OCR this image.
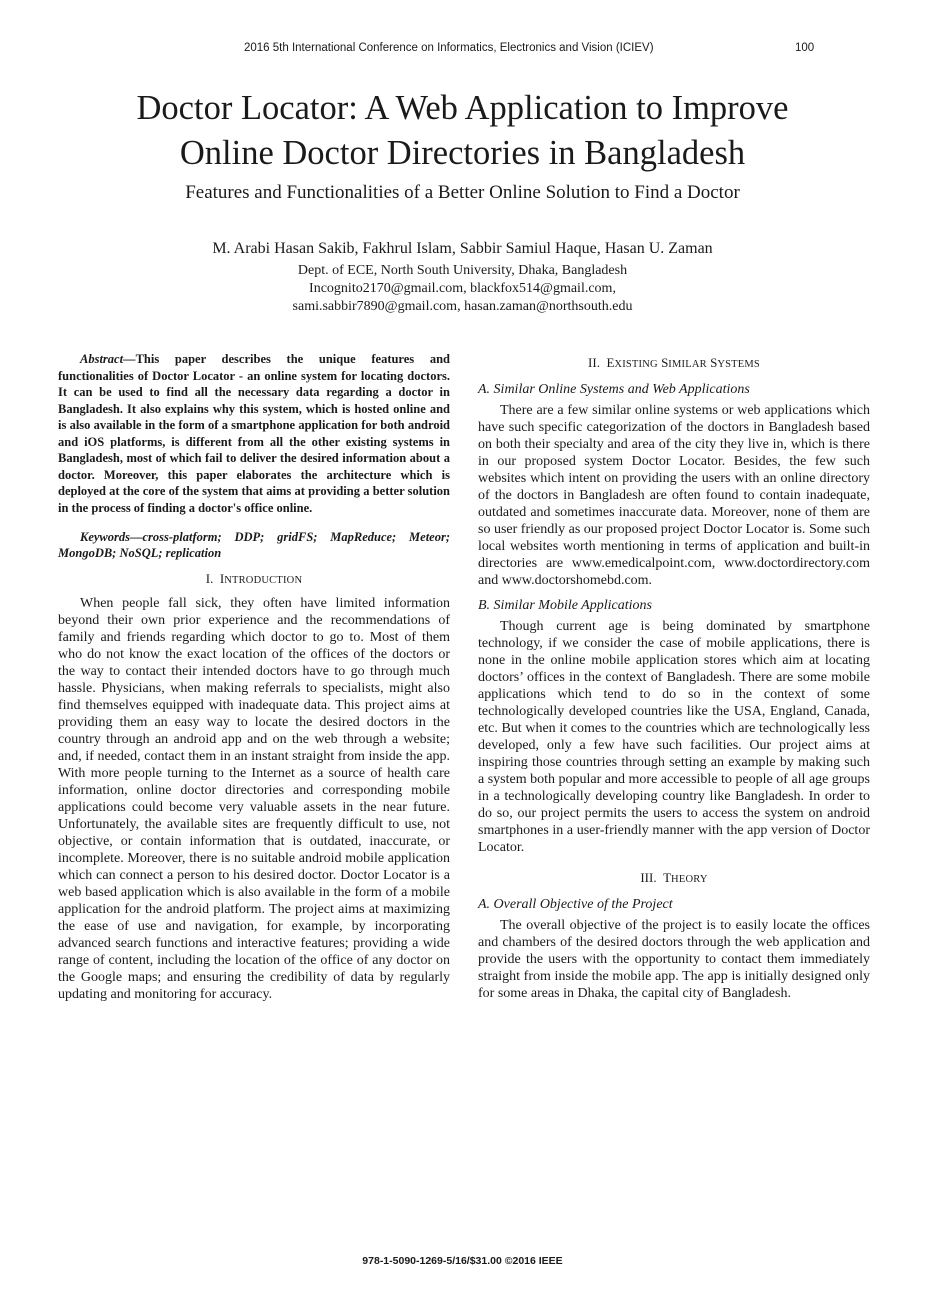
2016 5th International Conference on Informatics, Electronics and Vision (ICIEV)	100
Doctor Locator: A Web Application to Improve
Online Doctor Directories in Bangladesh
Features and Functionalities of a Better Online Solution to Find a Doctor
M. Arabi Hasan Sakib, Fakhrul Islam, Sabbir Samiul Haque, Hasan U. Zaman
Dept. of ECE, North South University, Dhaka, Bangladesh
Incognito2170@gmail.com, blackfox514@gmail.com,
sami.sabbir7890@gmail.com, hasan.zaman@northsouth.edu

Abstract—This paper describes the unique features and functionalities of Doctor Locator - an online system for locating doctors. It can be used to find all the necessary data regarding a doctor in Bangladesh. It also explains why this system, which is hosted online and is also available in the form of a smartphone application for both android and iOS platforms, is different from all the other existing systems in Bangladesh, most of which fail to deliver the desired information about a doctor. Moreover, this paper elaborates the architecture which is deployed at the core of the system that aims at providing a better solution in the process of finding a doctor's office online.

Keywords—cross-platform; DDP; gridFS; MapReduce; Meteor; MongoDB; NoSQL; replication

I. INTRODUCTION

When people fall sick, they often have limited information beyond their own prior experience and the recommendations of family and friends regarding which doctor to go to. Most of them who do not know the exact location of the offices of the doctors or the way to contact their intended doctors have to go through much hassle. Physicians, when making referrals to specialists, might also find themselves equipped with inadequate data. This project aims at providing them an easy way to locate the desired doctors in the country through an android app and on the web through a website; and, if needed, contact them in an instant straight from inside the app. With more people turning to the Internet as a source of health care information, online doctor directories and corresponding mobile applications could become very valuable assets in the near future. Unfortunately, the available sites are frequently difficult to use, not objective, or contain information that is outdated, inaccurate, or incomplete. Moreover, there is no suitable android mobile application which can connect a person to his desired doctor. Doctor Locator is a web based application which is also available in the form of a mobile application for the android platform. The project aims at maximizing the ease of use and navigation, for example, by incorporating advanced search functions and interactive features; providing a wide range of content, including the location of the office of any doctor on the Google maps; and ensuring the credibility of data by regularly updating and monitoring for accuracy.

II. EXISTING SIMILAR SYSTEMS

A. Similar Online Systems and Web Applications

There are a few similar online systems or web applications which have such specific categorization of the doctors in Bangladesh based on both their specialty and area of the city they live in, which is there in our proposed system Doctor Locator. Besides, the few such websites which intent on providing the users with an online directory of the doctors in Bangladesh are often found to contain inadequate, outdated and sometimes inaccurate data. Moreover, none of them are so user friendly as our proposed project Doctor Locator is. Some such local websites worth mentioning in terms of application and built-in directories are www.emedicalpoint.com, www.doctordirectory.com and www.doctorshomebd.com.

B. Similar Mobile Applications

Though current age is being dominated by smartphone technology, if we consider the case of mobile applications, there is none in the online mobile application stores which aim at locating doctors’ offices in the context of Bangladesh. There are some mobile applications which tend to do so in the context of some technologically developed countries like the USA, England, Canada, etc. But when it comes to the countries which are technologically less developed, only a few have such facilities. Our project aims at inspiring those countries through setting an example by making such a system both popular and more accessible to people of all age groups in a technologically developing country like Bangladesh. In order to do so, our project permits the users to access the system on android smartphones in a user-friendly manner with the app version of Doctor Locator.

III. THEORY

A. Overall Objective of the Project

The overall objective of the project is to easily locate the offices and chambers of the desired doctors through the web application and provide the users with the opportunity to contact them immediately straight from inside the mobile app. The app is initially designed only for some areas in Dhaka, the capital city of Bangladesh.

978-1-5090-1269-5/16/$31.00 ©2016 IEEE
